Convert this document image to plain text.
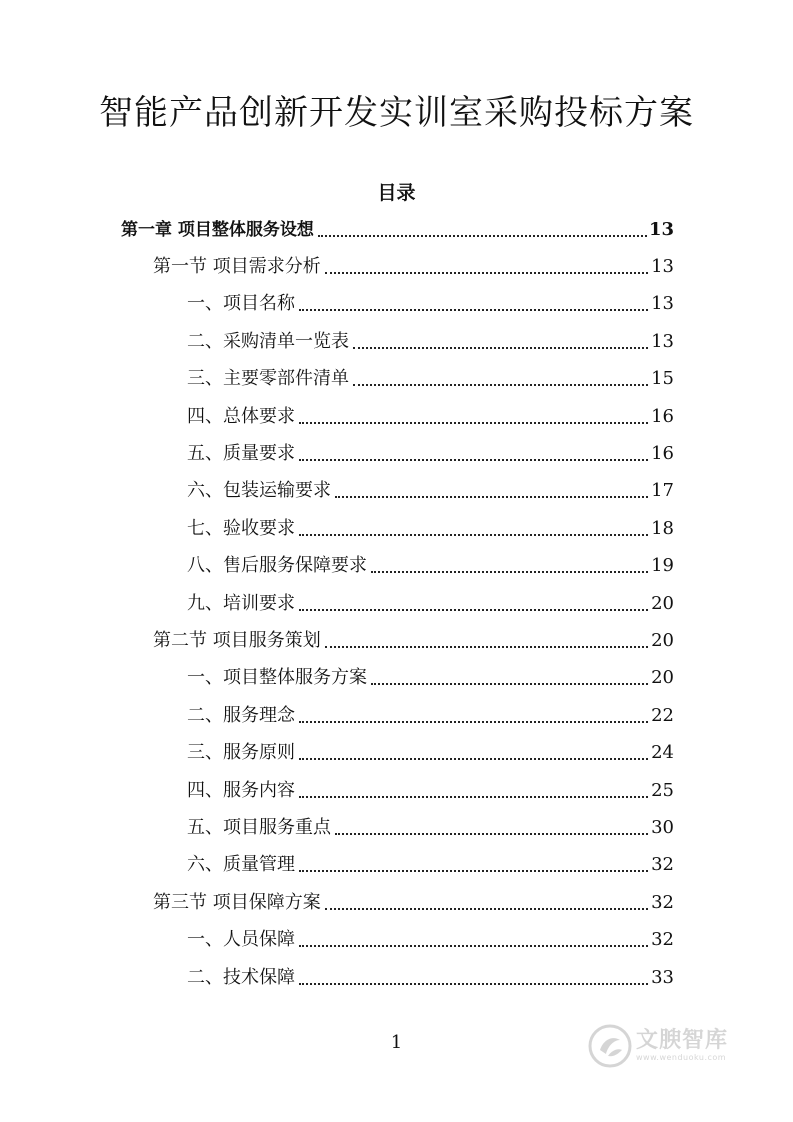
智能产品创新开发实训室采购投标方案
目录
第一章 项目整体服务设想	13
第一节 项目需求分析	13
一、项目名称	13
二、采购清单一览表	13
三、主要零部件清单	15
四、总体要求	16
五、质量要求	16
六、包装运输要求	17
七、验收要求	18
八、售后服务保障要求	19
九、培训要求	20
第二节 项目服务策划	20
一、项目整体服务方案	20
二、服务理念	22
三、服务原则	24
四、服务内容	25
五、项目服务重点	30
六、质量管理	32
第三节 项目保障方案	32
一、人员保障	32
二、技术保障	33
1	文腴智库
www.wenduoku.com
